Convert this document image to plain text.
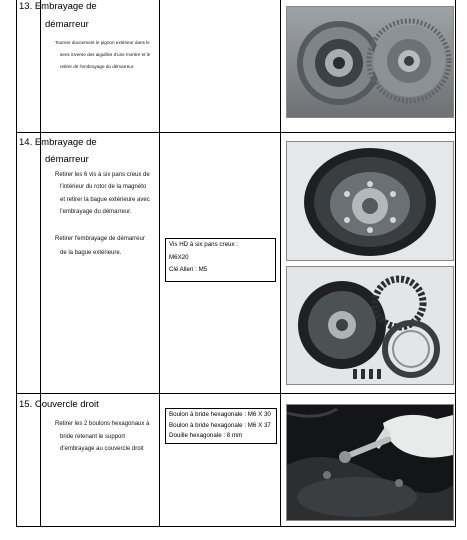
13. Embrayage de
démarreur
Tourner doucement le pignon extérieur dans le
sens inverse des aiguilles d'une montre et le
retirer de l'embrayage du démarreur.
14. Embrayage de
démarreur
Retirer les 6 vis à six pans creux de
l'intérieur du rotor de la magnéto
et retirer la bague extérieure avec
l'embrayage du démarreur.
Retirer l'embrayage de démarreur
de la bague extérieure.
Vis HD à six pans creux :
M6X20
Clé Allen : M5
15. Couvercle droit
Retirer les 2 boulons hexagonaux à
bride retenant le support
d'embrayage au couvercle droit
Boulon à bride hexagonale : M6 X 30
Boulon à bride hexagonale : M6 X 37
Douille hexagonale : 8 mm
